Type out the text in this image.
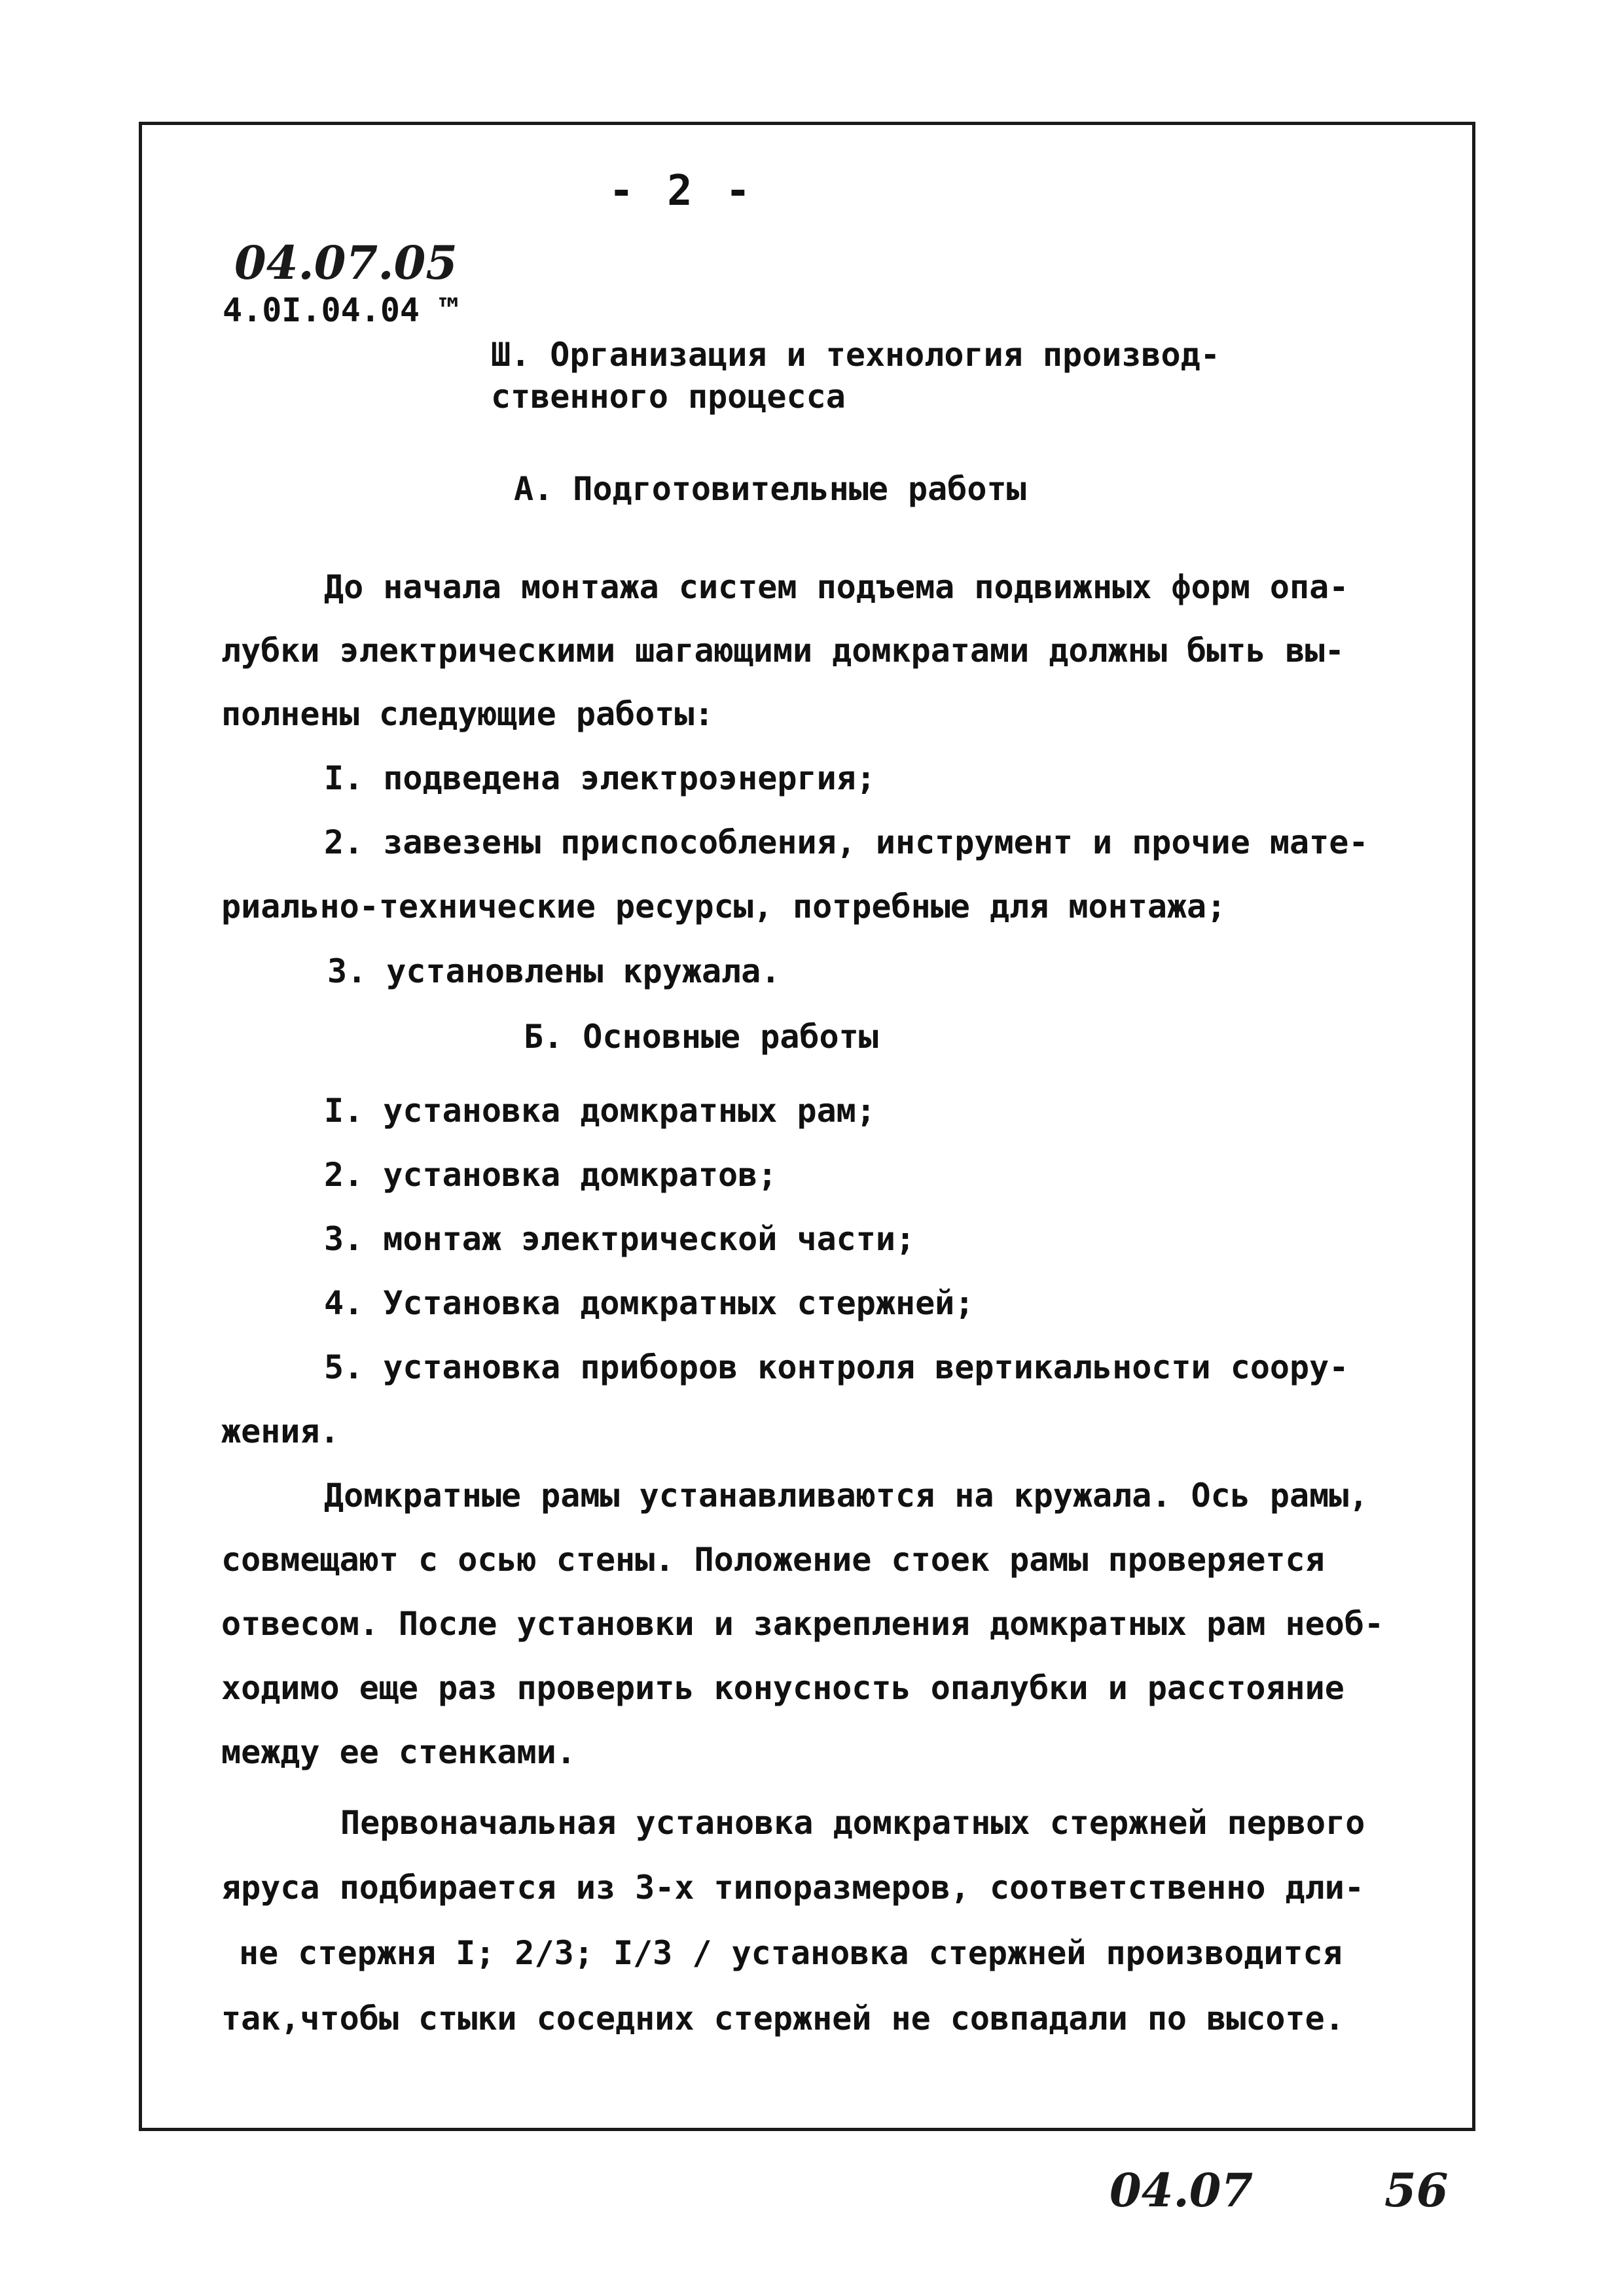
- 2 -
04.07.05
4.0I.04.04 ™
Ш. Организация и технология производ-
ственного процесса
А. Подготовительные работы
До начала монтажа систем подъема подвижных форм опа-
лубки электрическими шагающими домкратами должны быть вы-
полнены следующие работы:
I. подведена электроэнергия;
2. завезены приспособления, инструмент и прочие мате-
риально-технические ресурсы, потребные для монтажа;
3. установлены кружала.
Б. Основные работы
I. установка домкратных рам;
2. установка домкратов;
3. монтаж электрической части;
4. Установка домкратных стержней;
5. установка приборов контроля вертикальности соору-
жения.
Домкратные рамы устанавливаются на кружала. Ось рамы,
совмещают с осью стены. Положение стоек рамы проверяется
отвесом. После установки и закрепления домкратных рам необ-
ходимо еще раз проверить конусность опалубки и расстояние
между ее стенками.
Первоначальная установка домкратных стержней первого
яруса подбирается из 3-х типоразмеров, соответственно дли-
не стержня I; 2/3; I/3 / установка стержней производится
так,чтобы стыки соседних стержней не совпадали по высоте.
04.07	56
